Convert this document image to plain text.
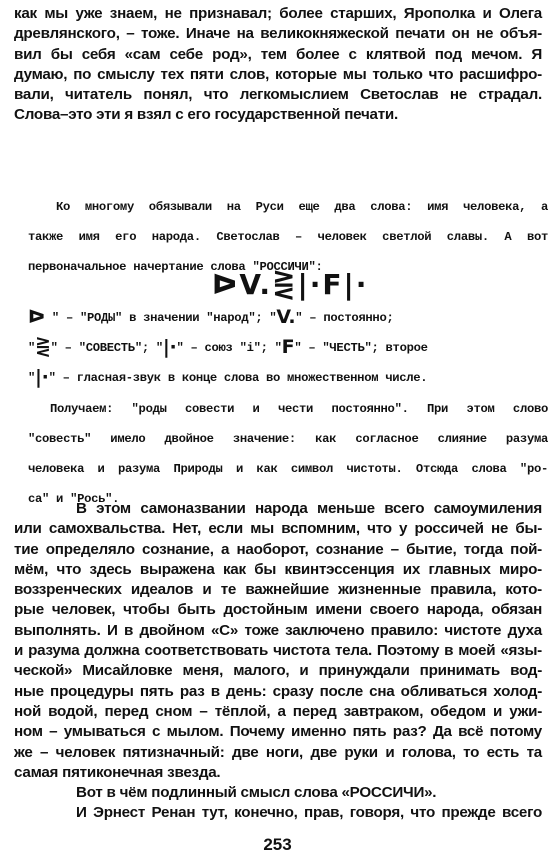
как мы уже знаем, не признавал; более старших, Ярополка и Олега
древлянского, – тоже. Иначе на великокняжеской печати он не объя-
вил бы себя «сам себе род», тем более с клятвой под мечом. Я
думаю, по смыслу тех пяти слов, которые мы только что расшифро-
вали, читатель понял, что легкомыслием Светослав не страдал.
Слова–это эти я взял с его государственной печати.
Ко многому обязывали на Руси еще два слова: имя человека, а
также имя его народа. Светослав – человек светлой славы. А вот
первоначальное начертание слова "РОССИЧИ":
ᐅV.⋛|·F|·
ᐅ " – "РОДЫ" в значении "народ"; "V." – постоянно;
"⋛" – "СОВЕСТЬ"; "|·" – союз "i"; "F" – "ЧЕСТЬ"; второе
"|·" – гласная-звук в конце слова во множественном числе.
Получаем: "роды совести и чести постоянно". При этом слово
"совесть" имело двойное значение: как согласное слияние разума
человека и разума Природы и как символ чистоты. Отсюда слова "ро-
са" и "Рось".
В этом самоназвании народа меньше всего самоумиления
или самохвальства. Нет, если мы вспомним, что у россичей не бы-
тие определяло сознание, а наоборот, сознание – бытие, тогда пой-
мём, что здесь выражена как бы квинтэссенция их главных миро-
воззренческих идеалов и те важнейшие жизненные правила, кото-
рые человек, чтобы быть достойным имени своего народа, обязан
выполнять. И в двойном «С» тоже заключено правило: чистоте духа
и разума должна соответствовать чистота тела. Поэтому в моей «язы-
ческой» Мисайловке меня, малого, и принуждали принимать вод-
ные процедуры пять раз в день: сразу после сна обливаться холод-
ной водой, перед сном – тёплой, а перед завтраком, обедом и ужи-
ном – умываться с мылом. Почему именно пять раз? Да всё потому
же – человек пятизначный: две ноги, две руки и голова, то есть та
самая пятиконечная звезда.
Вот в чём подлинный смысл слова «РОССИЧИ».
И Эрнест Ренан тут, конечно, прав, говоря, что прежде всего
253
